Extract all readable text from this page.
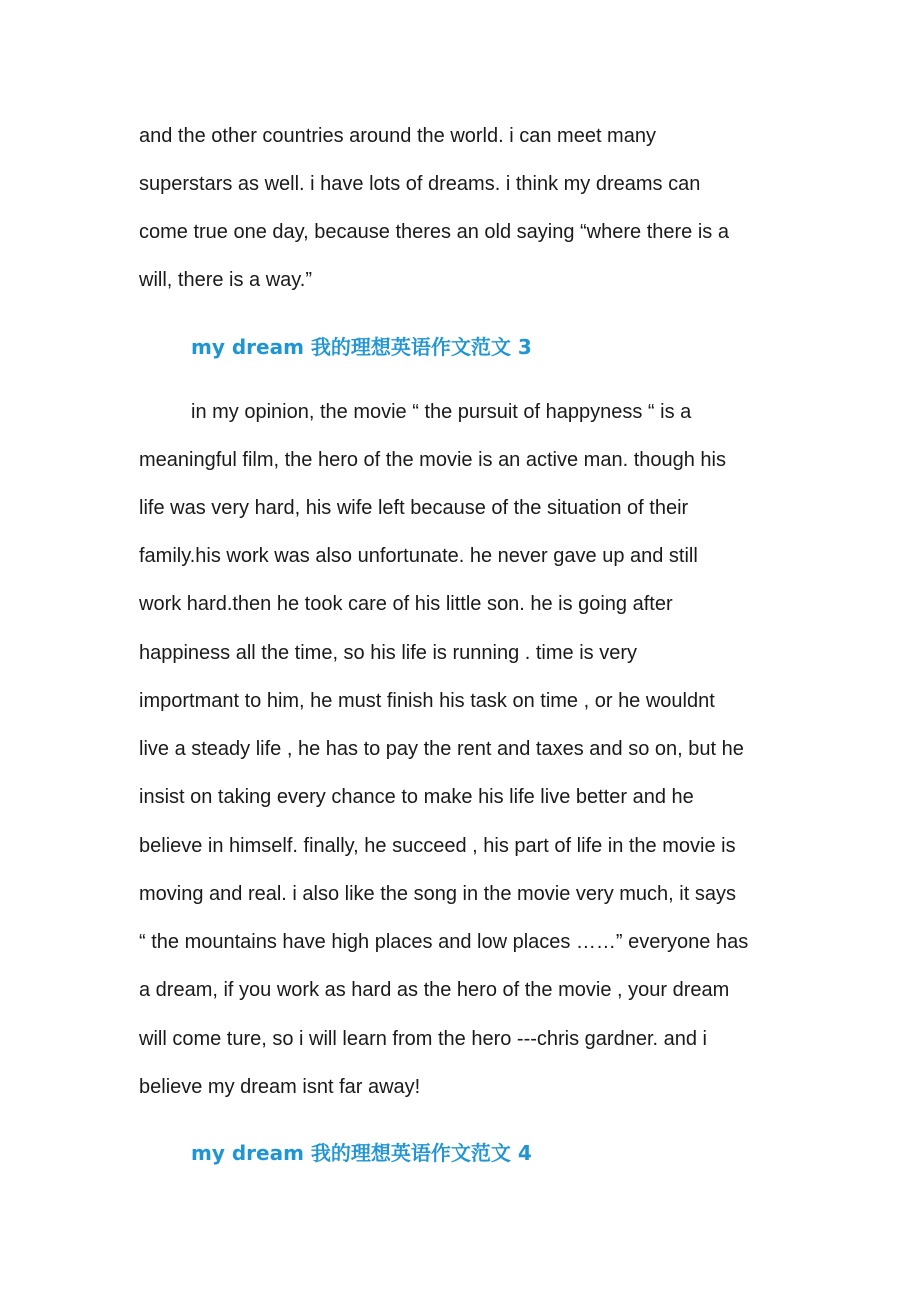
and the other countries around the world. i can meet many
superstars as well. i have lots of dreams. i think my dreams can
come true one day, because theres an old saying “where there is a
will, there is a way.”
my dream 我的理想英语作文范文 3
in my opinion, the movie “ the pursuit of happyness “ is a
meaningful film, the hero of the movie is an active man. though his
life was very hard, his wife left because of the situation of their
family.his work was also unfortunate. he never gave up and still
work hard.then he took care of his little son. he is going after
happiness all the time, so his life is running . time is very
importmant to him, he must finish his task on time , or he wouldnt
live a steady life , he has to pay the rent and taxes and so on, but he
insist on taking every chance to make his life live better and he
believe in himself. finally, he succeed , his part of life in the movie is
moving and real. i also like the song in the movie very much, it says
“ the mountains have high places and low places ……” everyone has
a dream, if you work as hard as the hero of the movie , your dream
will come ture, so i will learn from the hero ---chris gardner. and i
believe my dream isnt far away!
my dream 我的理想英语作文范文 4
